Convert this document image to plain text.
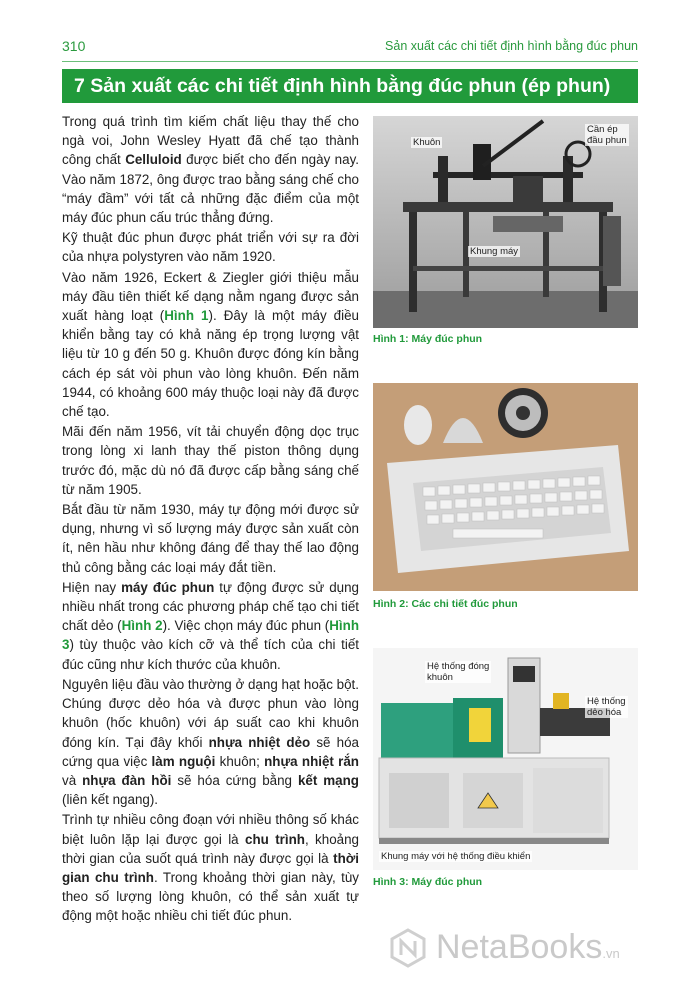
310	Sản xuất các chi tiết định hình bằng đúc phun
7 Sản xuất các chi tiết định hình bằng đúc phun (ép phun)

Trong quá trình tìm kiếm chất liệu thay thế cho ngà voi, John Wesley Hyatt đã chế tạo thành công chất Celluloid được biết cho đến ngày nay. Vào năm 1872, ông được trao bằng sáng chế cho “máy đầm” với tất cả những đặc điểm của một máy đúc phun cấu trúc thẳng đứng.

Kỹ thuật đúc phun được phát triển với sự ra đời của nhựa polystyren vào năm 1920.

Vào năm 1926, Eckert & Ziegler giới thiệu mẫu máy đầu tiên thiết kế dạng nằm ngang được sản xuất hàng loạt (Hình 1). Đây là một máy điều khiển bằng tay có khả năng ép trọng lượng vật liệu từ 10 g đến 50 g. Khuôn được đóng kín bằng cách ép sát vòi phun vào lòng khuôn. Đến năm 1944, có khoảng 600 máy thuộc loại này đã được chế tạo.

Mãi đến năm 1956, vít tải chuyển động dọc trục trong lòng xi lanh thay thế piston thông dụng trước đó, mặc dù nó đã được cấp bằng sáng chế từ năm 1905.

Bắt đầu từ năm 1930, máy tự động mới được sử dụng, nhưng vì số lượng máy được sản xuất còn ít, nên hầu như không đáng để thay thế lao động thủ công bằng các loại máy đắt tiền.

Hiện nay máy đúc phun tự động được sử dụng nhiều nhất trong các phương pháp chế tạo chi tiết chất dẻo (Hình 2). Việc chọn máy đúc phun (Hình 3) tùy thuộc vào kích cỡ và thể tích của chi tiết đúc cũng như kích thước của khuôn.

Nguyên liệu đầu vào thường ở dạng hạt hoặc bột. Chúng được dẻo hóa và được phun vào lòng khuôn (hốc khuôn) với áp suất cao khi khuôn đóng kín. Tại đây khối nhựa nhiệt dẻo sẽ hóa cứng qua việc làm nguội khuôn; nhựa nhiệt rắn và nhựa đàn hồi sẽ hóa cứng bằng kết mạng (liên kết ngang).

Trình tự nhiều công đoạn với nhiều thông số khác biệt luôn lặp lại được gọi là chu trình, khoảng thời gian của suốt quá trình này được gọi là thời gian chu trình. Trong khoảng thời gian này, tùy theo số lượng lòng khuôn, có thể sản xuất tự động một hoặc nhiều chi tiết đúc phun.

Khuôn
Cần ép
đầu phun
Khung máy
Hình 1: Máy đúc phun
Hình 2: Các chi tiết đúc phun
Hệ thống đóng
khuôn
Hệ thống
dẻo hóa
Khung máy với hệ thống điều khiển
Hình 3: Máy đúc phun
NetaBooks.vn
